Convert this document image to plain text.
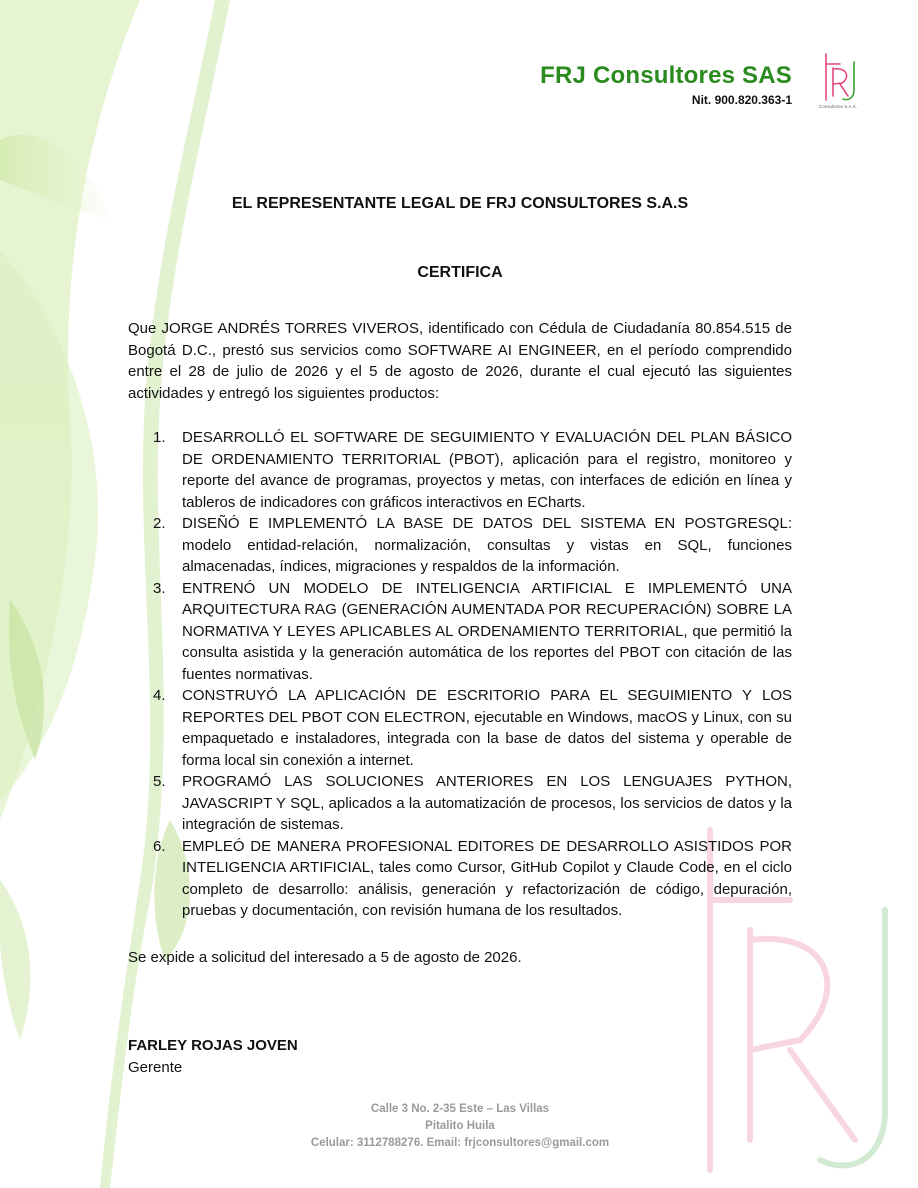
FRJ Consultores SAS
Nit. 900.820.363-1	Consultores S.A.S.
EL REPRESENTANTE LEGAL DE FRJ CONSULTORES S.A.S
CERTIFICA
Que JORGE ANDRÉS TORRES VIVEROS, identificado con Cédula de Ciudadanía 80.854.515 de Bogotá D.C., prestó sus servicios como SOFTWARE AI ENGINEER, en el período comprendido entre el 28 de julio de 2026 y el 5 de agosto de 2026, durante el cual ejecutó las siguientes actividades y entregó los siguientes productos:
1. DESARROLLÓ EL SOFTWARE DE SEGUIMIENTO Y EVALUACIÓN DEL PLAN BÁSICO DE ORDENAMIENTO TERRITORIAL (PBOT), aplicación para el registro, monitoreo y reporte del avance de programas, proyectos y metas, con interfaces de edición en línea y tableros de indicadores con gráficos interactivos en ECharts.
2. DISEÑÓ E IMPLEMENTÓ LA BASE DE DATOS DEL SISTEMA EN POSTGRESQL: modelo entidad-relación, normalización, consultas y vistas en SQL, funciones almacenadas, índices, migraciones y respaldos de la información.
3. ENTRENÓ UN MODELO DE INTELIGENCIA ARTIFICIAL E IMPLEMENTÓ UNA ARQUITECTURA RAG (GENERACIÓN AUMENTADA POR RECUPERACIÓN) SOBRE LA NORMATIVA Y LEYES APLICABLES AL ORDENAMIENTO TERRITORIAL, que permitió la consulta asistida y la generación automática de los reportes del PBOT con citación de las fuentes normativas.
4. CONSTRUYÓ LA APLICACIÓN DE ESCRITORIO PARA EL SEGUIMIENTO Y LOS REPORTES DEL PBOT CON ELECTRON, ejecutable en Windows, macOS y Linux, con su empaquetado e instaladores, integrada con la base de datos del sistema y operable de forma local sin conexión a internet.
5. PROGRAMÓ LAS SOLUCIONES ANTERIORES EN LOS LENGUAJES PYTHON, JAVASCRIPT Y SQL, aplicados a la automatización de procesos, los servicios de datos y la integración de sistemas.
6. EMPLEÓ DE MANERA PROFESIONAL EDITORES DE DESARROLLO ASISTIDOS POR INTELIGENCIA ARTIFICIAL, tales como Cursor, GitHub Copilot y Claude Code, en el ciclo completo de desarrollo: análisis, generación y refactorización de código, depuración, pruebas y documentación, con revisión humana de los resultados.
Se expide a solicitud del interesado a 5 de agosto de 2026.
FARLEY ROJAS JOVEN
Gerente
Calle 3 No. 2-35 Este – Las Villas
Pitalito Huila
Celular: 3112788276. Email: frjconsultores@gmail.com
